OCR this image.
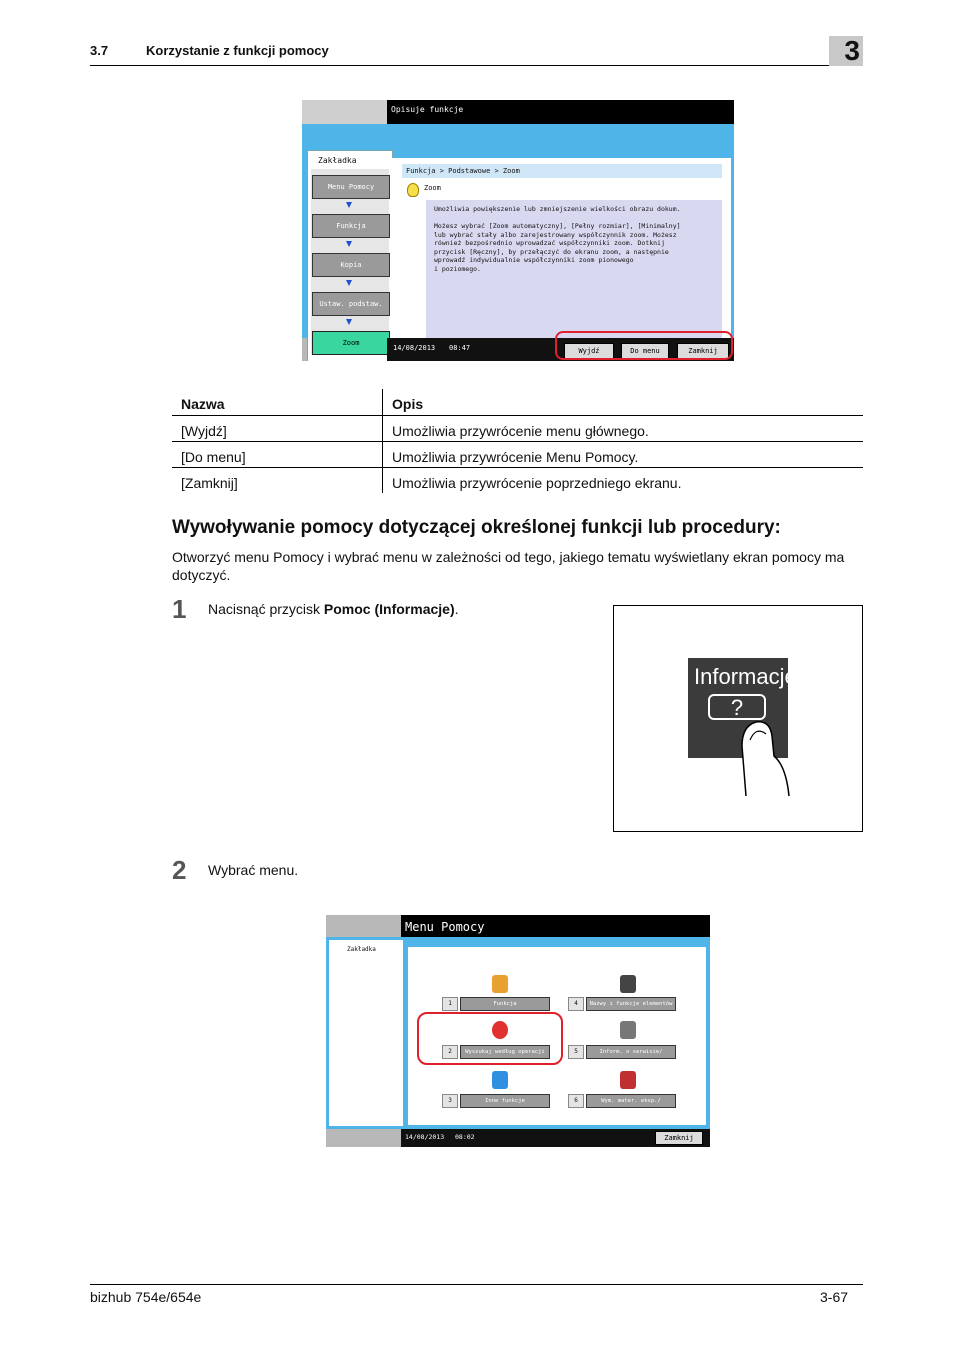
3.7	Korzystanie z funkcji pomocy	3
Opisuje funkcje
Zakładka
Menu Pomocy
Funkcja
Kopia
Ustaw. podstaw.
Zoom
Funkcja > Podstawowe > Zoom
Zoom
Umożliwia powiększenie lub zmniejszenie wielkości obrazu dokum.

Możesz wybrać [Zoom automatyczny], [Pełny rozmiar], [Minimalny]
lub wybrać stały albo zarejestrowany współczynnik zoom. Możesz
również bezpośrednio wprowadzać współczynniki zoom. Dotknij
przycisk [Ręczny], by przełączyć do ekranu zoom, a następnie
wprowadź indywidualnie współczynniki zoom pionowego
i poziomego.
14/08/2013 08:47	Wyjdź	Do menu	Zamknij
Nazwa	Opis
[Wyjdź]	Umożliwia przywrócenie menu głównego.
[Do menu]	Umożliwia przywrócenie Menu Pomocy.
[Zamknij]	Umożliwia przywrócenie poprzedniego ekranu.
Wywoływanie pomocy dotyczącej określonej funkcji lub procedury:
Otworzyć menu Pomocy i wybrać menu w zależności od tego, jakiego tematu wyświetlany ekran pomocy ma dotyczyć.
1 Nacisnąć przycisk Pomoc (Informacje).
Informacje
?
2 Wybrać menu.
Menu Pomocy
Zakładka
1	Funkcja
2	Wyszukaj według operacji
3	Inne funkcje
4	Nazwy i funkcje elementów
5	Inform. o serwisie/ administratorze
6	Wym. mater. eksp./ Procedura przetw.
14/08/2013 08:02	Zamknij
bizhub 754e/654e	3-67
